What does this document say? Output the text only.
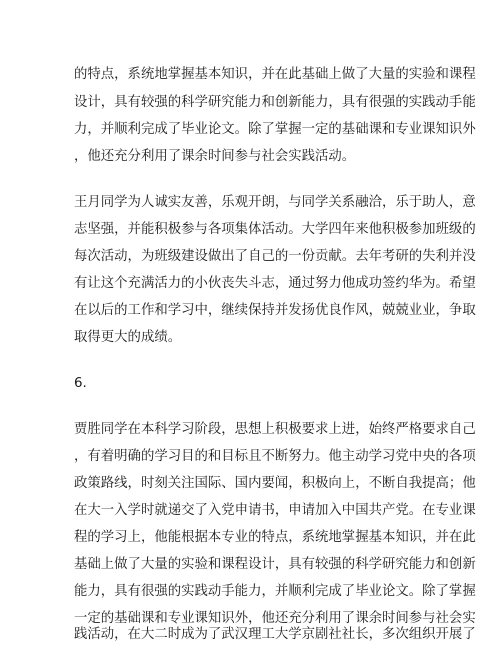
的特点，系统地掌握基本知识，并在此基础上做了大量的实验和课程
设计，具有较强的科学研究能力和创新能力，具有很强的实践动手能
力，并顺利完成了毕业论文。除了掌握一定的基础课和专业课知识外
，他还充分利用了课余时间参与社会实践活动。
王月同学为人诚实友善，乐观开朗，与同学关系融洽，乐于助人，意
志坚强，并能积极参与各项集体活动。大学四年来他积极参加班级的
每次活动，为班级建设做出了自己的一份贡献。去年考研的失利并没
有让这个充满活力的小伙丧失斗志，通过努力他成功签约华为。希望
在以后的工作和学习中，继续保持并发扬优良作风，兢兢业业，争取
取得更大的成绩。
6.
贾胜同学在本科学习阶段，思想上积极要求上进，始终严格要求自己
，有着明确的学习目的和目标且不断努力。他主动学习党中央的各项
政策路线，时刻关注国际、国内要闻，积极向上，不断自我提高；他
在大一入学时就递交了入党申请书，申请加入中国共产党。在专业课
程的学习上，他能根据本专业的特点，系统地掌握基本知识，并在此
基础上做了大量的实验和课程设计，具有较强的科学研究能力和创新
能力，具有很强的实践动手能力，并顺利完成了毕业论文。除了掌握
一定的基础课和专业课知识外，他还充分利用了课余时间参与社会实
践活动，在大二时成为了武汉理工大学京剧社社长，多次组织开展了
